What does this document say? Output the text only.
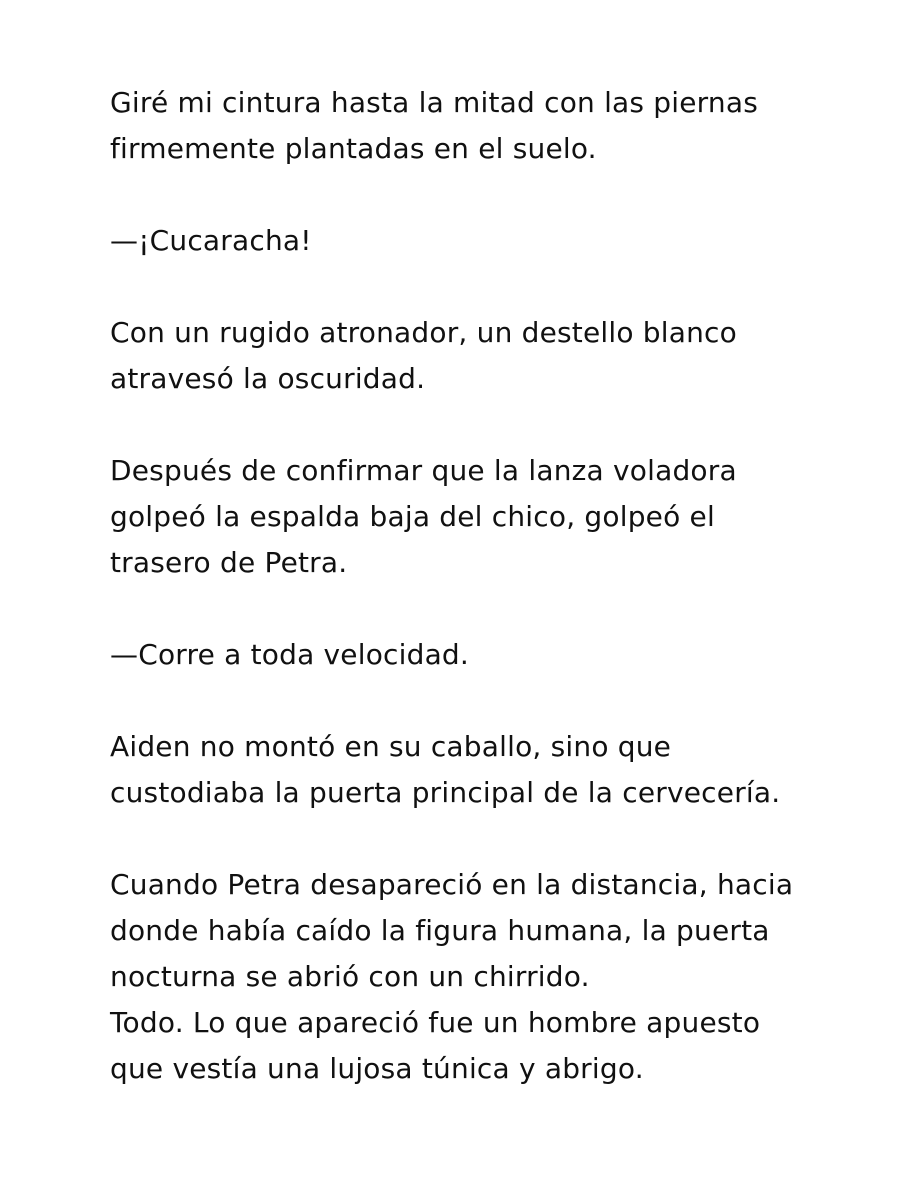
Giré mi cintura hasta la mitad con las piernas
firmemente plantadas en el suelo.
—¡Cucaracha!
Con un rugido atronador, un destello blanco
atravesó la oscuridad.
Después de confirmar que la lanza voladora
golpeó la espalda baja del chico, golpeó el
trasero de Petra.
—Corre a toda velocidad.
Aiden no montó en su caballo, sino que
custodiaba la puerta principal de la cervecería.
Cuando Petra desapareció en la distancia, hacia
donde había caído la figura humana, la puerta
nocturna se abrió con un chirrido.
Todo. Lo que apareció fue un hombre apuesto
que vestía una lujosa túnica y abrigo.
